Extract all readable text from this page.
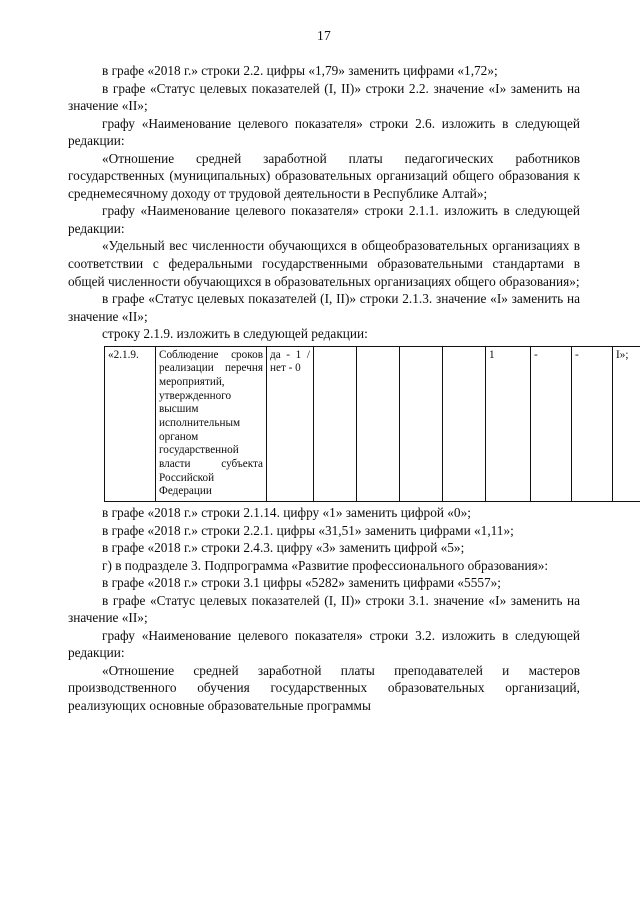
17

в графе «2018 г.» строки 2.2. цифры «1,79» заменить цифрами «1,72»;

в графе «Статус целевых показателей (I, II)» строки 2.2. значение «I» заменить на значение «II»;

графу «Наименование целевого показателя» строки 2.6. изложить в следующей редакции:

«Отношение средней заработной платы педагогических работников государственных (муниципальных) образовательных организаций общего образования к среднемесячному доходу от трудовой деятельности в Республике Алтай»;

графу «Наименование целевого показателя» строки 2.1.1. изложить в следующей редакции:

«Удельный вес численности обучающихся в общеобразовательных организациях в соответствии с федеральными государственными образовательными стандартами в общей численности обучающихся в образовательных организациях общего образования»;

в графе «Статус целевых показателей (I, II)» строки 2.1.3. значение «I» заменить на значение «II»;

строку 2.1.9. изложить в следующей редакции:

«2.1.9.	Соблюдение сроков реализации перечня мероприятий, утвержденного высшим исполнительным органом государственной власти субъекта Российской Федерации	да - 1 / нет - 0					1	-	-	I»;

в графе «2018 г.» строки 2.1.14. цифру «1» заменить цифрой «0»;

в графе «2018 г.» строки 2.2.1. цифры «31,51» заменить цифрами «1,11»;

в графе «2018 г.» строки 2.4.3. цифру «3» заменить цифрой «5»;

г) в подразделе 3. Подпрограмма «Развитие профессионального образования»:

в графе «2018 г.» строки 3.1 цифры «5282» заменить цифрами «5557»;

в графе «Статус целевых показателей (I, II)» строки 3.1. значение «I» заменить на значение «II»;

графу «Наименование целевого показателя» строки 3.2. изложить в следующей редакции:

«Отношение средней заработной платы преподавателей и мастеров производственного обучения государственных образовательных организаций, реализующих основные образовательные программы
